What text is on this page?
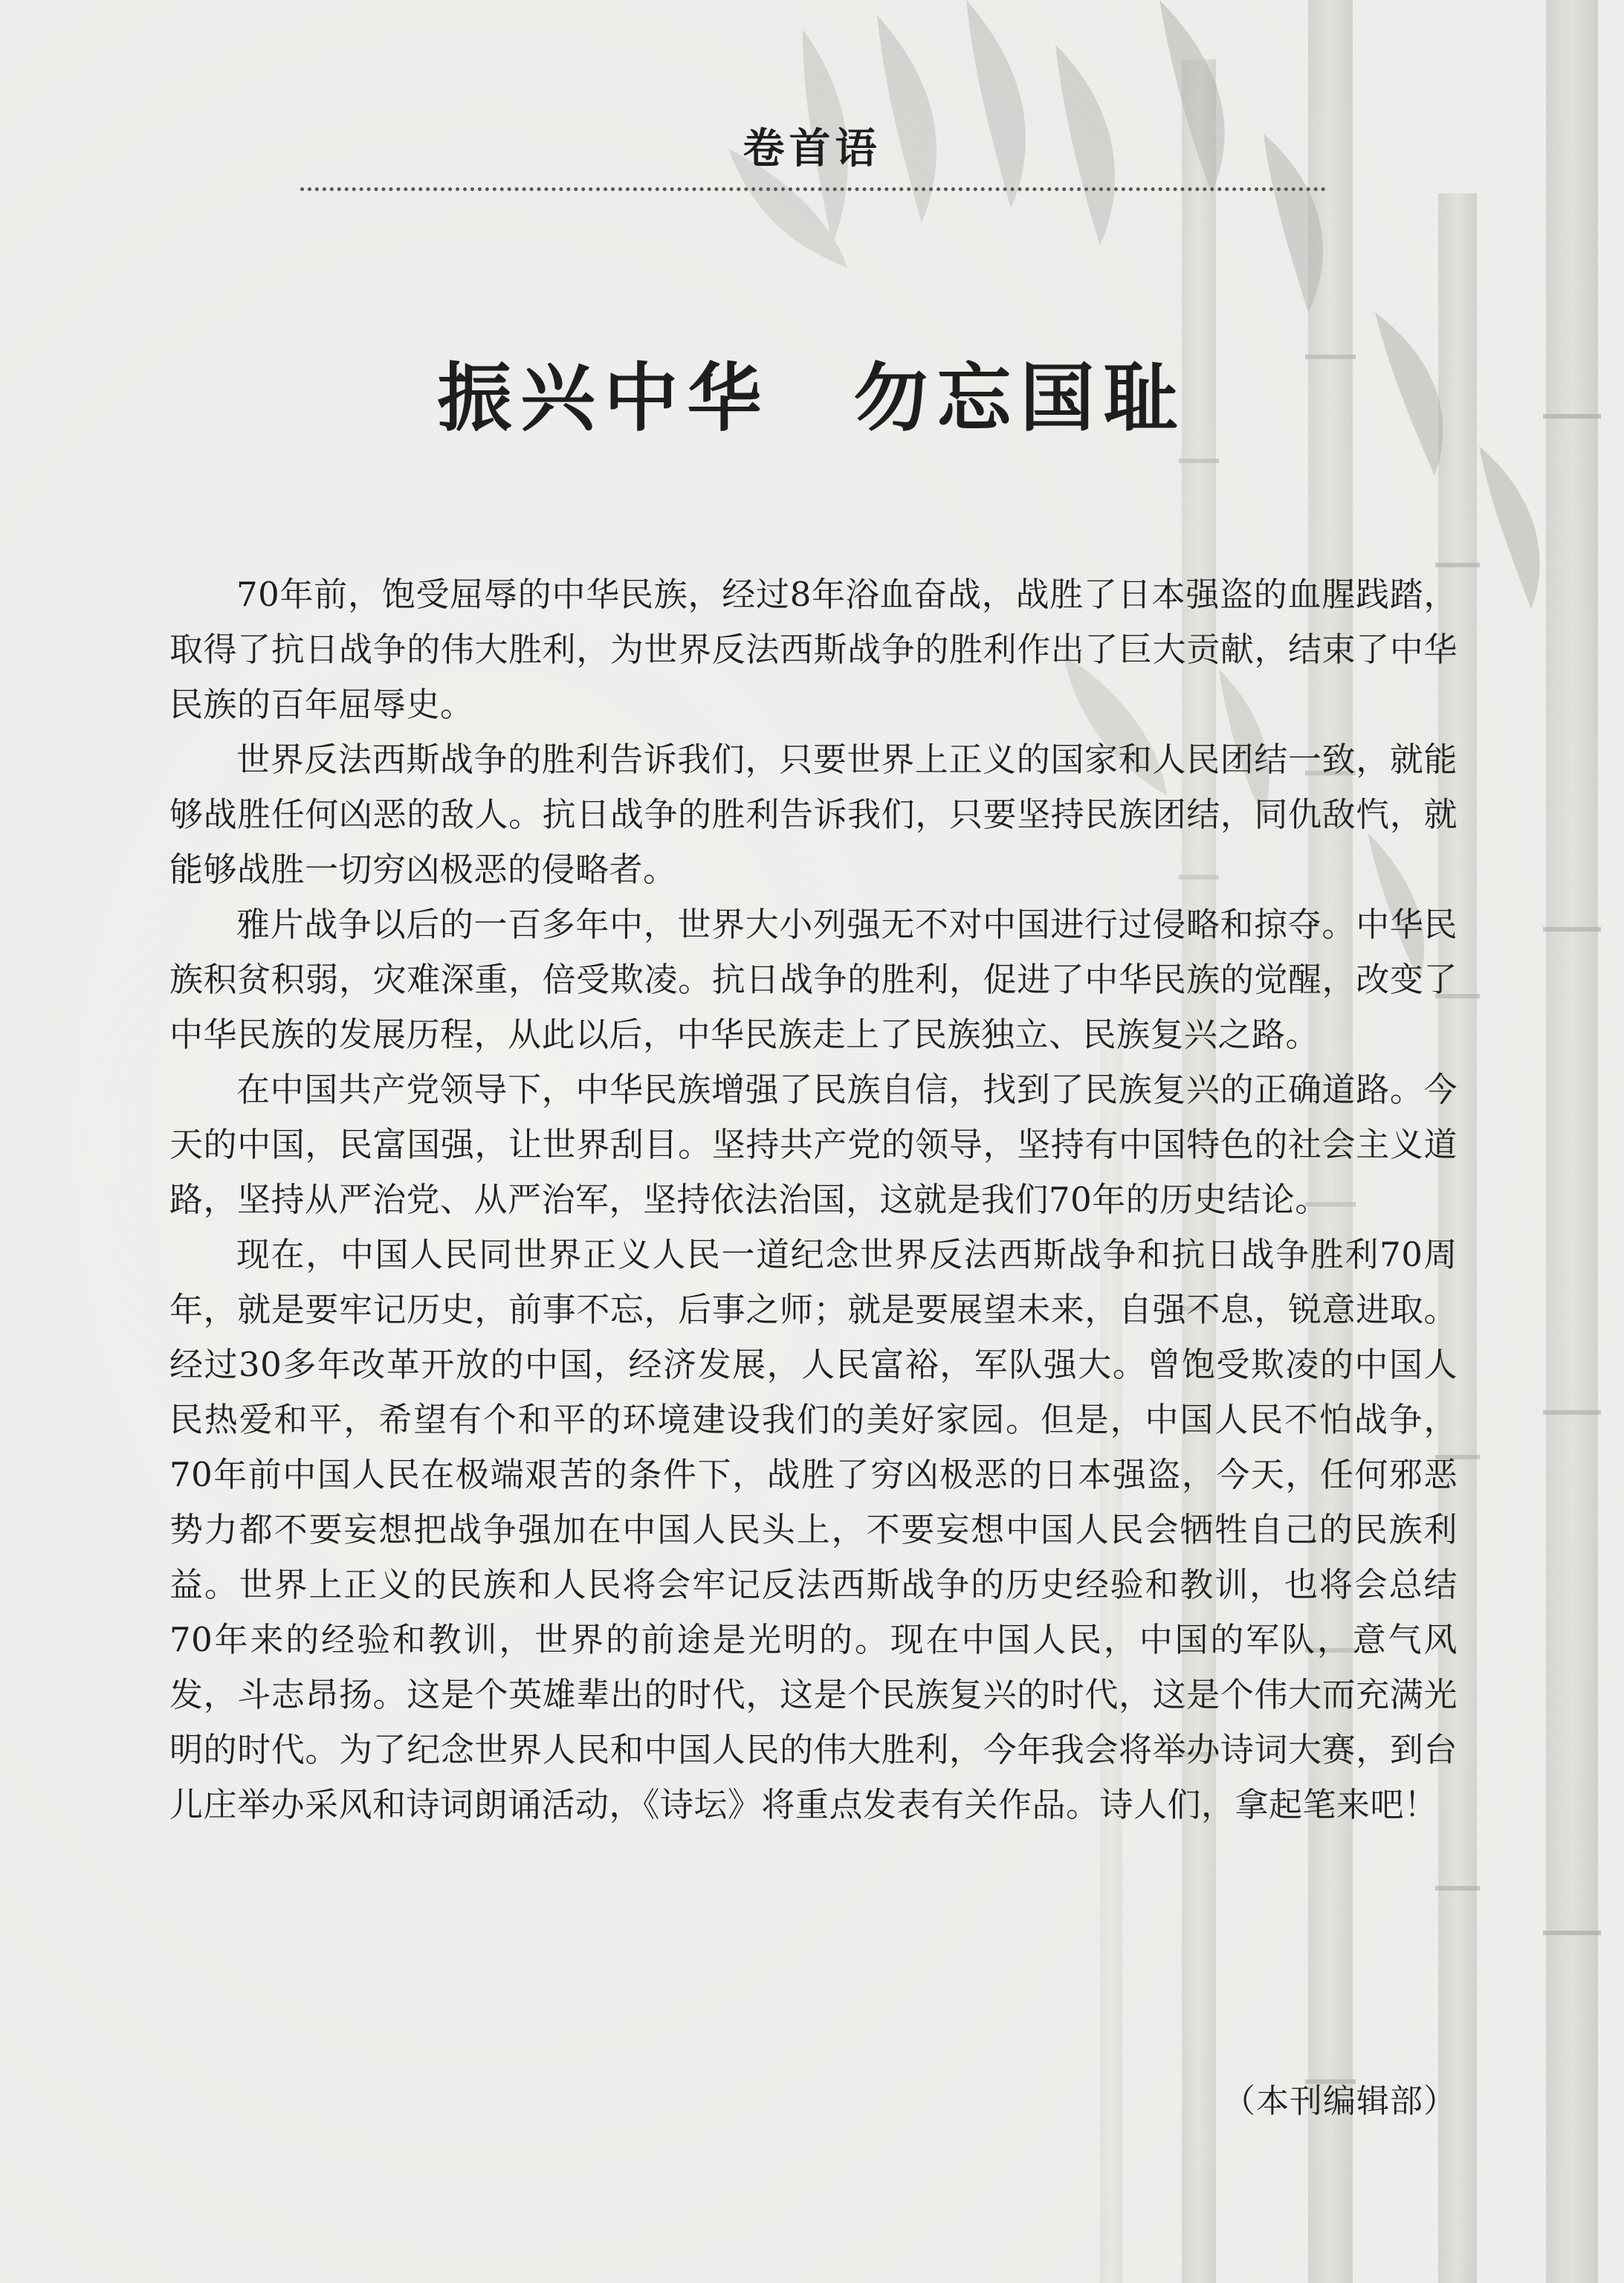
卷首语
振兴中华　勿忘国耻

70年前，饱受屈辱的中华民族，经过8年浴血奋战，战胜了日本强盗的血腥践踏，取得了抗日战争的伟大胜利，为世界反法西斯战争的胜利作出了巨大贡献，结束了中华民族的百年屈辱史。

世界反法西斯战争的胜利告诉我们，只要世界上正义的国家和人民团结一致，就能够战胜任何凶恶的敌人。抗日战争的胜利告诉我们，只要坚持民族团结，同仇敌忾，就能够战胜一切穷凶极恶的侵略者。

雅片战争以后的一百多年中，世界大小列强无不对中国进行过侵略和掠夺。中华民族积贫积弱，灾难深重，倍受欺凌。抗日战争的胜利，促进了中华民族的觉醒，改变了中华民族的发展历程，从此以后，中华民族走上了民族独立、民族复兴之路。

在中国共产党领导下，中华民族增强了民族自信，找到了民族复兴的正确道路。今天的中国，民富国强，让世界刮目。坚持共产党的领导，坚持有中国特色的社会主义道路，坚持从严治党、从严治军，坚持依法治国，这就是我们70年的历史结论。

现在，中国人民同世界正义人民一道纪念世界反法西斯战争和抗日战争胜利70周年，就是要牢记历史，前事不忘，后事之师；就是要展望未来，自强不息，锐意进取。经过30多年改革开放的中国，经济发展，人民富裕，军队强大。曾饱受欺凌的中国人民热爱和平，希望有个和平的环境建设我们的美好家园。但是，中国人民不怕战争，70年前中国人民在极端艰苦的条件下，战胜了穷凶极恶的日本强盗，今天，任何邪恶势力都不要妄想把战争强加在中国人民头上，不要妄想中国人民会牺牲自己的民族利益。世界上正义的民族和人民将会牢记反法西斯战争的历史经验和教训，也将会总结70年来的经验和教训，世界的前途是光明的。现在中国人民，中国的军队，意气风发，斗志昂扬。这是个英雄辈出的时代，这是个民族复兴的时代，这是个伟大而充满光明的时代。为了纪念世界人民和中国人民的伟大胜利，今年我会将举办诗词大赛，到台儿庄举办采风和诗词朗诵活动，《诗坛》将重点发表有关作品。诗人们，拿起笔来吧！

（本刊编辑部）
